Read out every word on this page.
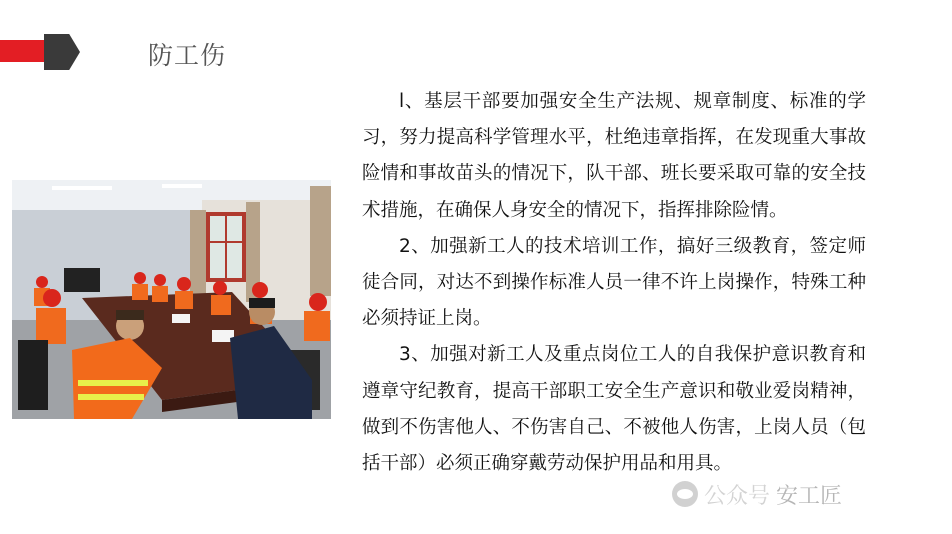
防工伤

l、基层干部要加强安全生产法规、规章制度、标准的学习，努力提高科学管理水平，杜绝违章指挥，在发现重大事故险情和事故苗头的情况下，队干部、班长要采取可靠的安全技术措施，在确保人身安全的情况下，指挥排除险情。

2、加强新工人的技术培训工作，搞好三级教育，签定师徒合同，对达不到操作标准人员一律不许上岗操作，特殊工种必须持证上岗。

3、加强对新工人及重点岗位工人的自我保护意识教育和遵章守纪教育，提高干部职工安全生产意识和敬业爱岗精神，做到不伤害他人、不伤害自己、不被他人伤害，上岗人员（包括干部）必须正确穿戴劳动保护用品和用具。

公众号 安工匠
